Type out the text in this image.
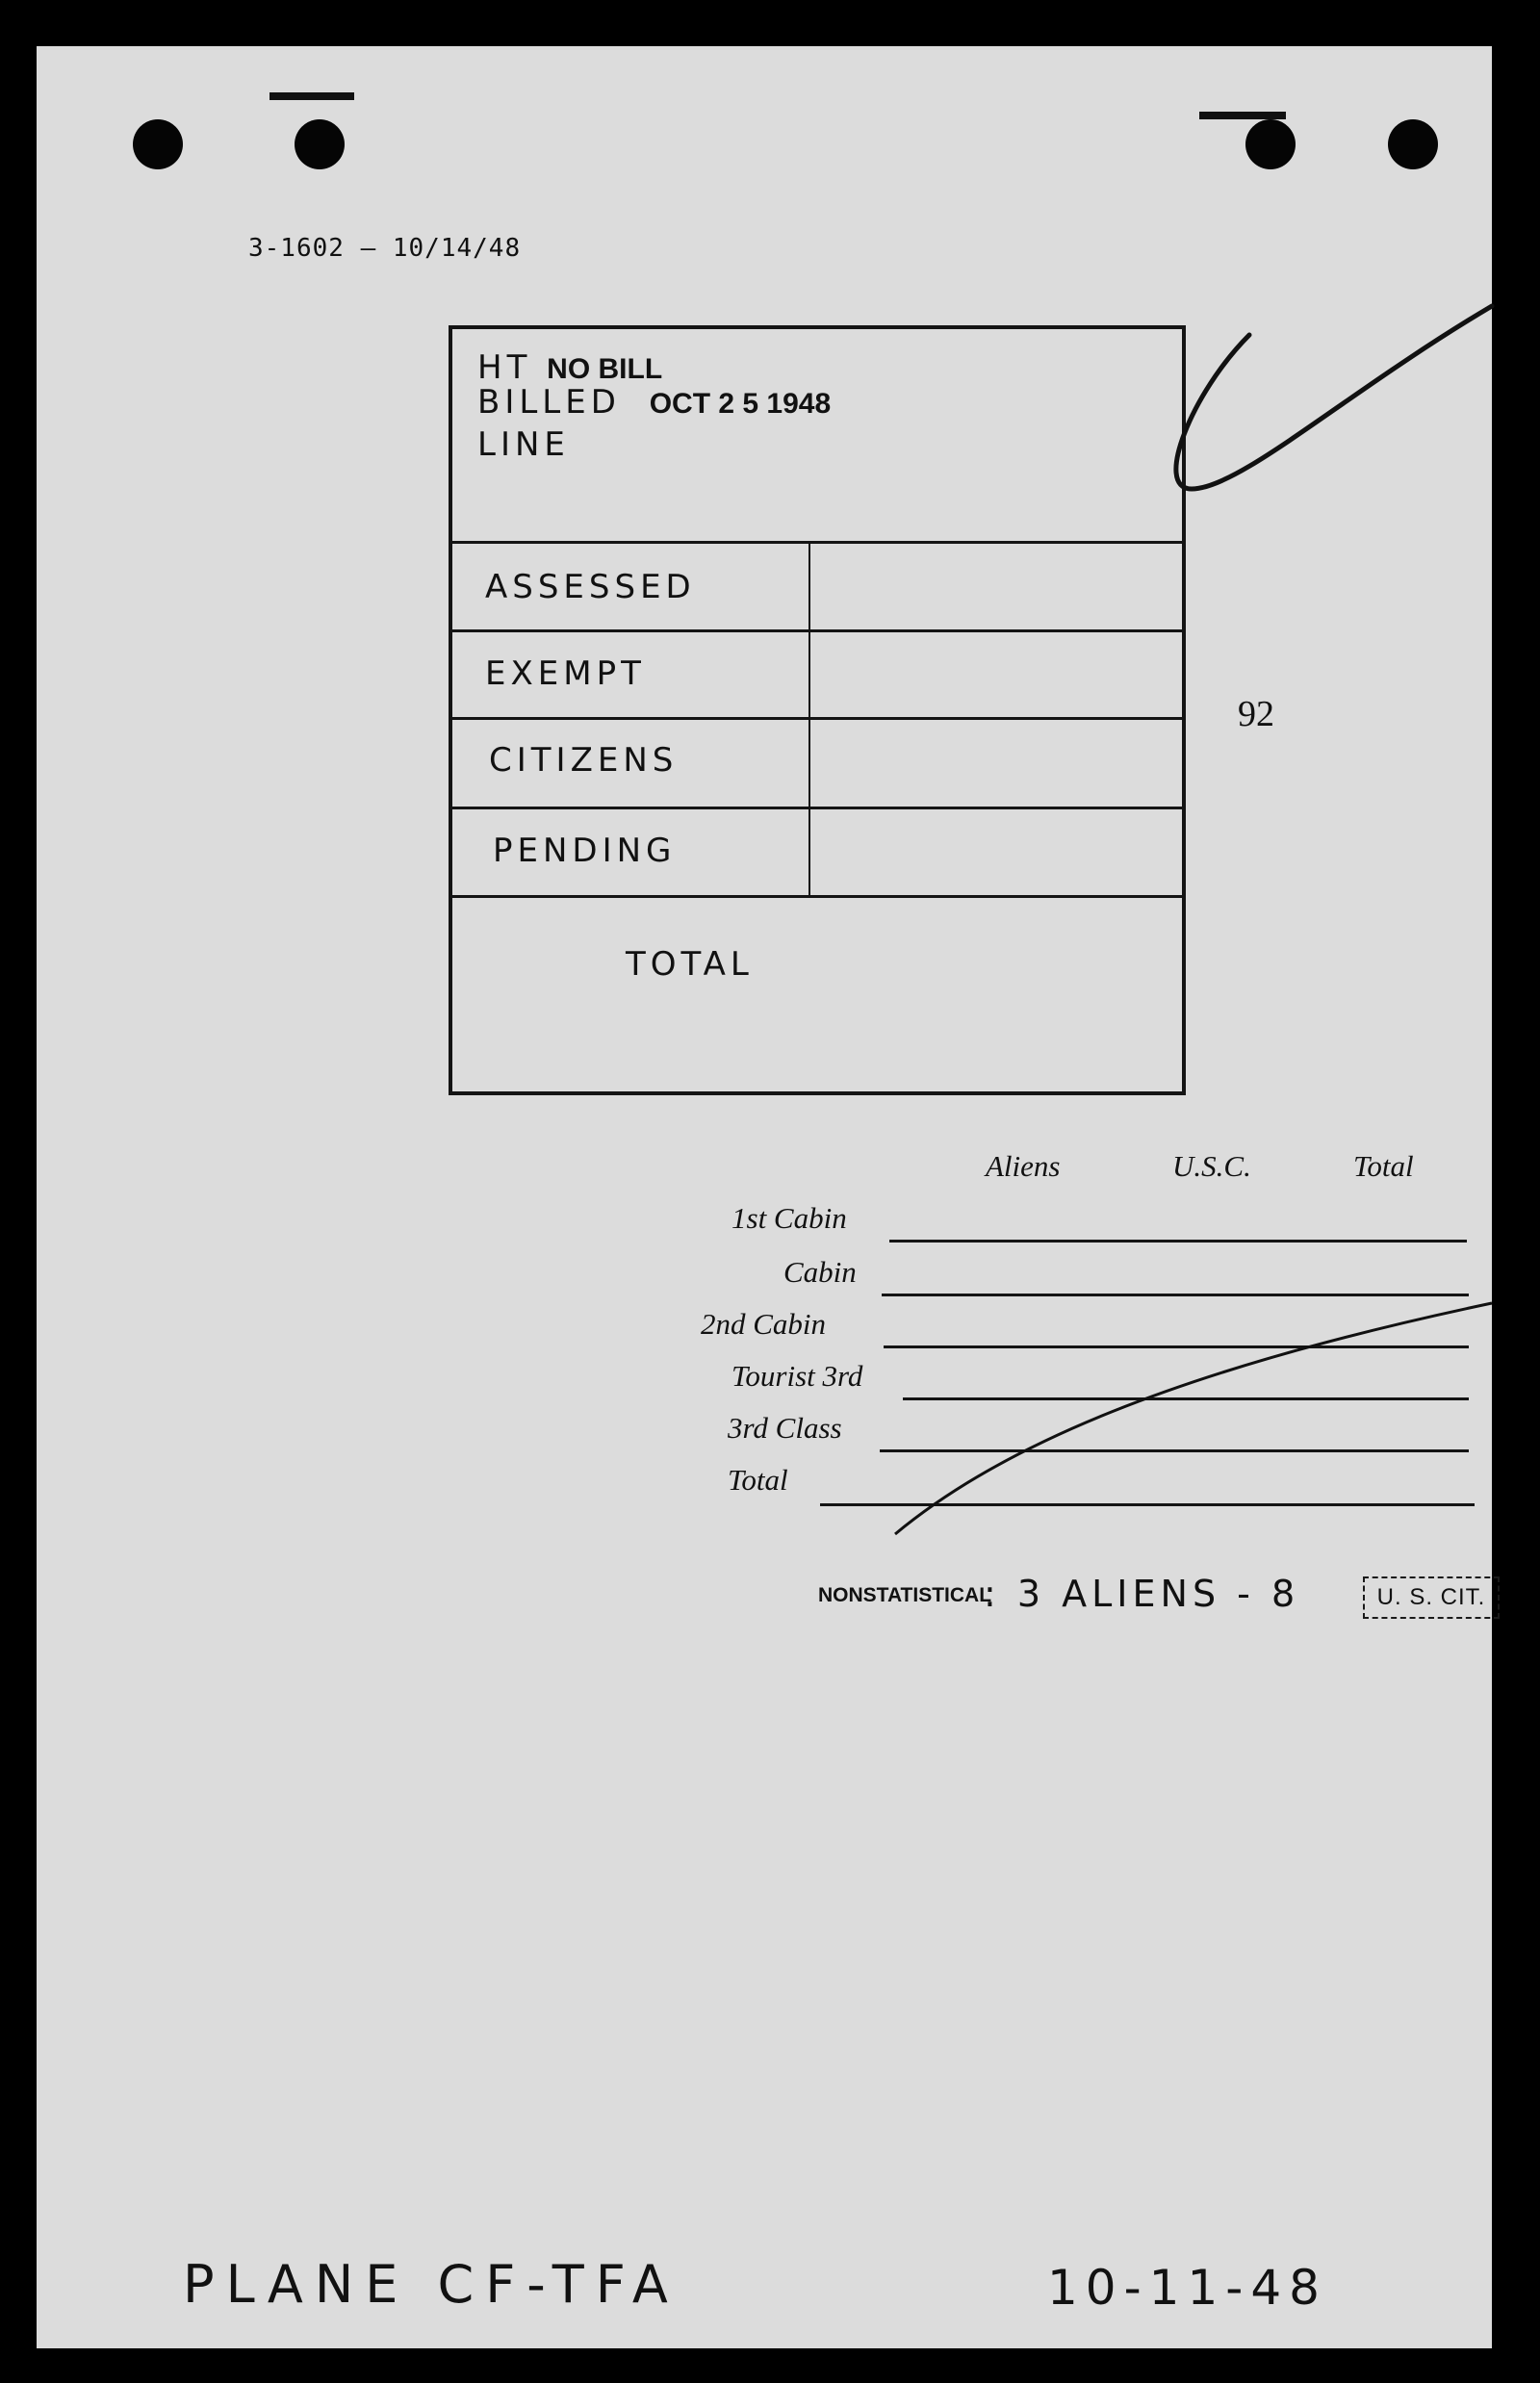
3-1602 — 10/14/48
HT NO BILL
BILLED OCT 2 5 1948
LINE
ASSESSED
EXEMPT
CITIZENS
PENDING
TOTAL
92
Aliens	U.S.C.	Total
1st Cabin
Cabin
2nd Cabin
Tourist 3rd
3rd Class
Total
NONSTATISTICAL
: 3 ALIENS - 8	U. S. CIT.
PLANE CF-TFA	10-11-48
